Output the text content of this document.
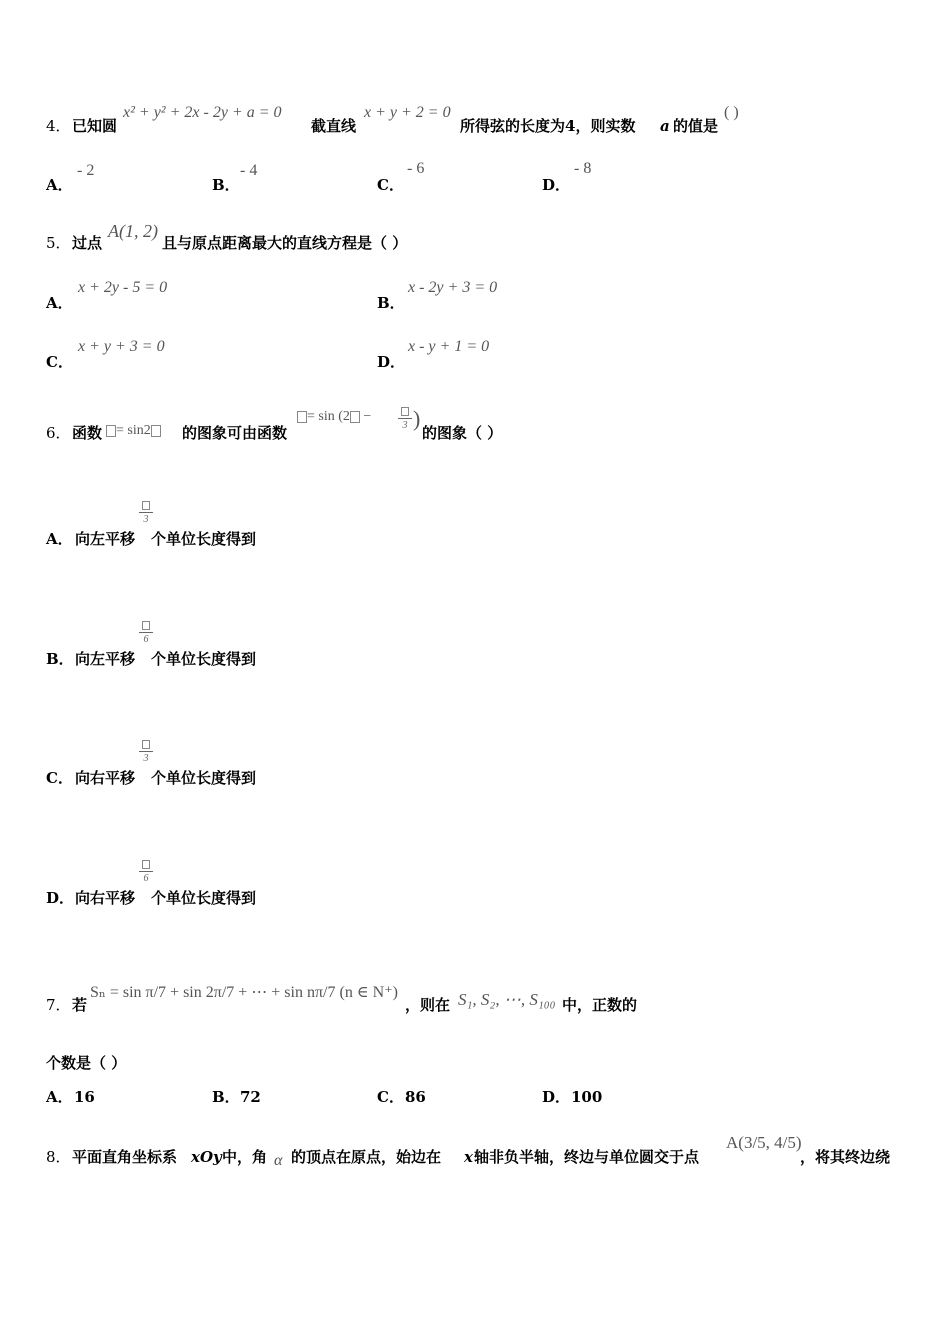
4． 已知圆
x² + y² + 2x - 2y + a = 0
截直线
x + y + 2 = 0
所得弦的长度为4，则实数 a 的值是
( )
A．
- 2
B．
- 4
C．
- 6
D．
- 8
5． 过点
A(1, 2)
且与原点距离最大的直线方程是（ ）
A．
x + 2y - 5 = 0
B．
x - 2y + 3 = 0
C．
x + y + 3 = 0
D．
x - y + 1 = 0
6． 函数 = sin2	的图象可由函数
= sin (2 −
3 )
的图象（ ）
A． 向左平移
3
个单位长度得到
B． 向左平移
6
个单位长度得到
C． 向右平移
3
个单位长度得到
D． 向右平移
6
个单位长度得到
7． 若
Sₙ = sin π/7 + sin 2π/7 + ⋯ + sin nπ/7 (n ∈ N⁺)
，则在 S₁, S₂, ⋯, S₁₀₀ 中，正数的
个数是（ ）
A． 16	B． 72	C． 86	D． 100
8． 平面直角坐标系 xOy 中，角 α 的顶点在原点，始边在 x 轴非负半轴，终边与单位圆交于点
A(3/5, 4/5)
，将其终边绕
